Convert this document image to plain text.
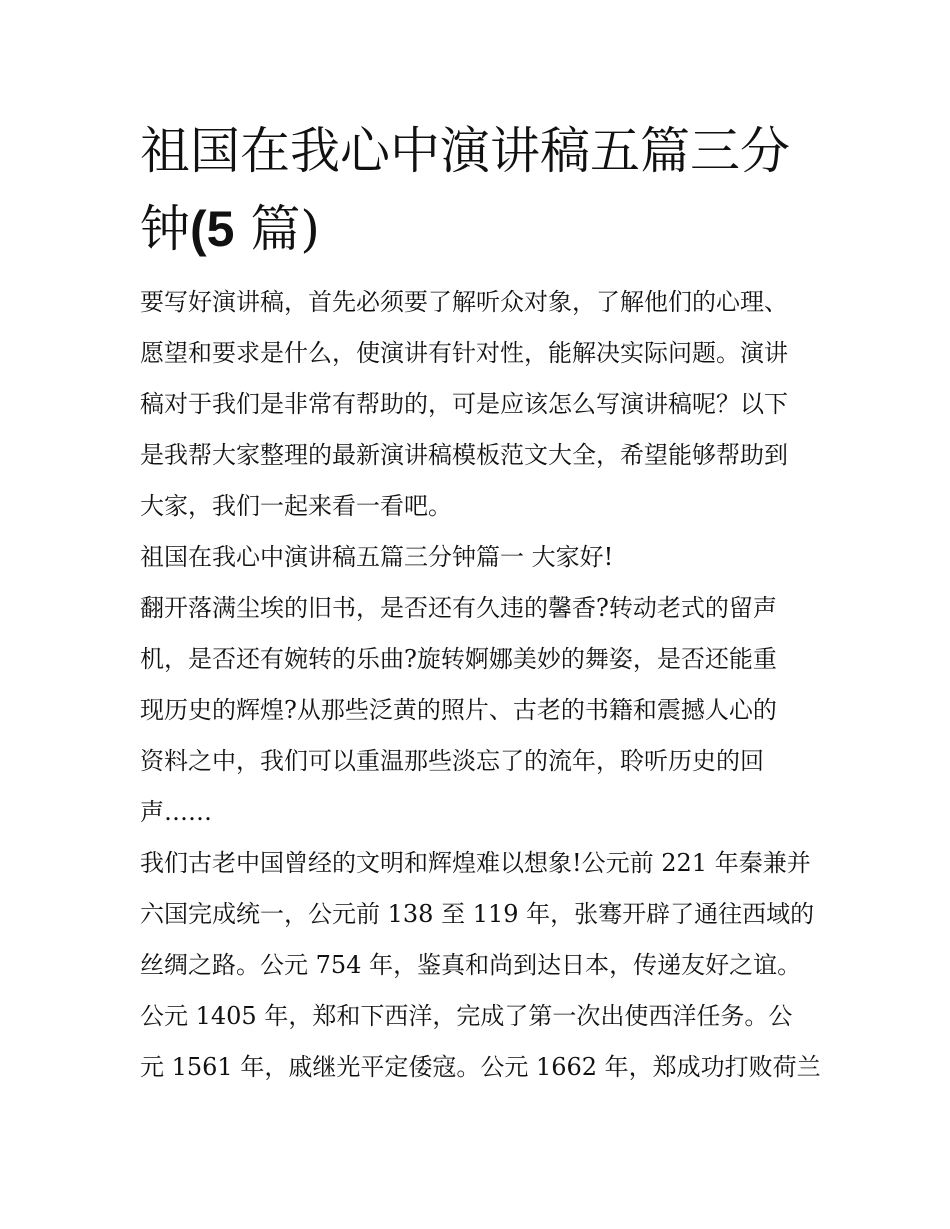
祖国在我心中演讲稿五篇三分
钟(5 篇)
要写好演讲稿，首先必须要了解听众对象，了解他们的心理、
愿望和要求是什么，使演讲有针对性，能解决实际问题。演讲
稿对于我们是非常有帮助的，可是应该怎么写演讲稿呢？以下
是我帮大家整理的最新演讲稿模板范文大全，希望能够帮助到
大家，我们一起来看一看吧。
祖国在我心中演讲稿五篇三分钟篇一 大家好!
翻开落满尘埃的旧书，是否还有久违的馨香?转动老式的留声
机，是否还有婉转的乐曲?旋转婀娜美妙的舞姿，是否还能重
现历史的辉煌?从那些泛黄的照片、古老的书籍和震撼人心的
资料之中，我们可以重温那些淡忘了的流年，聆听历史的回
声……
我们古老中国曾经的文明和辉煌难以想象!公元前 221 年秦兼并
六国完成统一，公元前 138 至 119 年，张骞开辟了通往西域的
丝绸之路。公元 754 年，鉴真和尚到达日本，传递友好之谊。
公元 1405 年，郑和下西洋，完成了第一次出使西洋任务。公
元 1561 年，戚继光平定倭寇。公元 1662 年，郑成功打败荷兰
